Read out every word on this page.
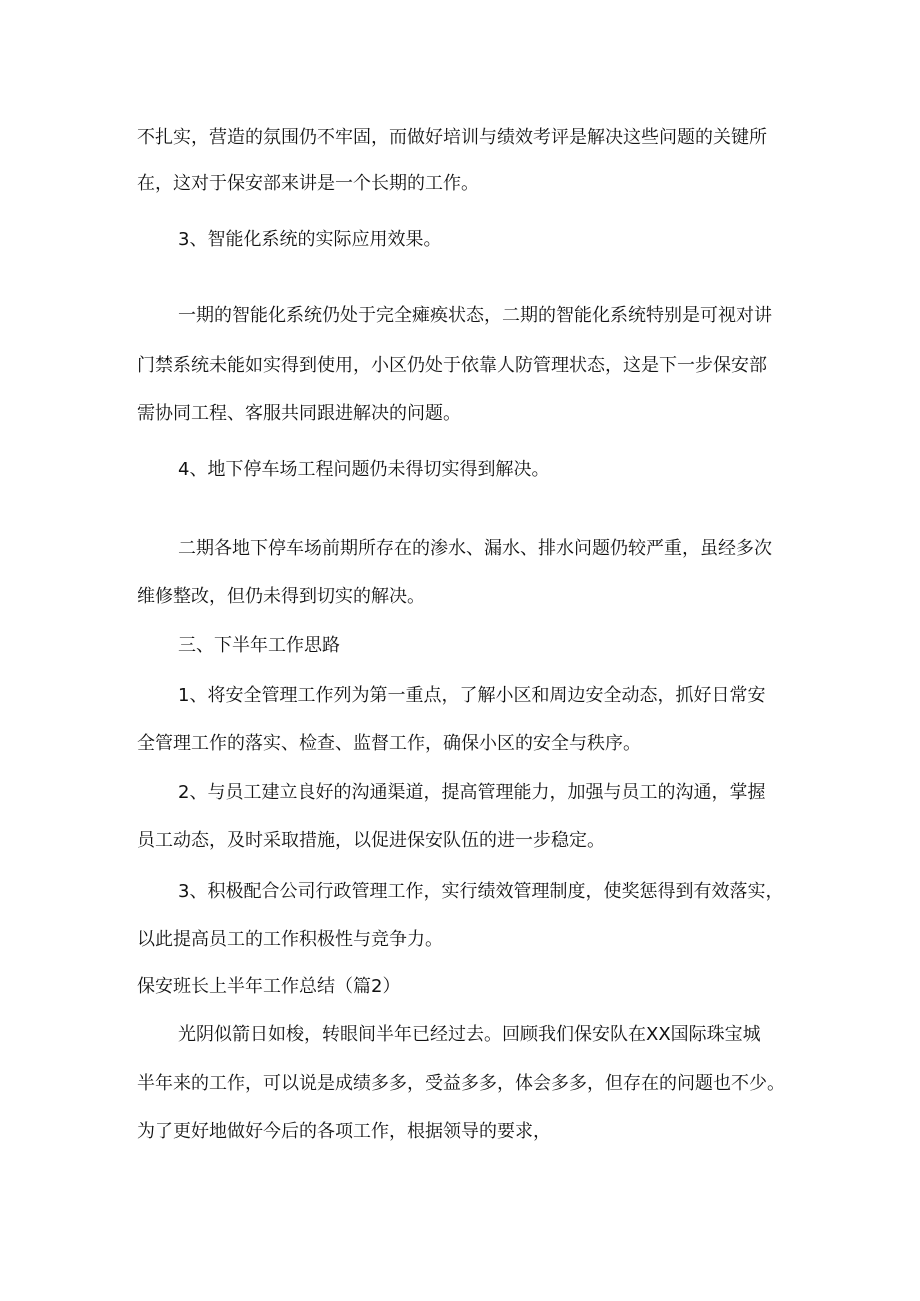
不扎实，营造的氛围仍不牢固，而做好培训与绩效考评是解决这些问题的关键所
在，这对于保安部来讲是一个长期的工作。
3、智能化系统的实际应用效果。
一期的智能化系统仍处于完全瘫痪状态，二期的智能化系统特别是可视对讲
门禁系统未能如实得到使用，小区仍处于依靠人防管理状态，这是下一步保安部
需协同工程、客服共同跟进解决的问题。
4、地下停车场工程问题仍未得切实得到解决。
二期各地下停车场前期所存在的渗水、漏水、排水问题仍较严重，虽经多次
维修整改，但仍未得到切实的解决。
三、下半年工作思路
1、将安全管理工作列为第一重点，了解小区和周边安全动态，抓好日常安
全管理工作的落实、检查、监督工作，确保小区的安全与秩序。
2、与员工建立良好的沟通渠道，提高管理能力，加强与员工的沟通，掌握
员工动态，及时采取措施，以促进保安队伍的进一步稳定。
3、积极配合公司行政管理工作，实行绩效管理制度，使奖惩得到有效落实，
以此提高员工的工作积极性与竞争力。
保安班长上半年工作总结（篇2）
光阴似箭日如梭，转眼间半年已经过去。回顾我们保安队在XX国际珠宝城
半年来的工作，可以说是成绩多多，受益多多，体会多多，但存在的问题也不少。
为了更好地做好今后的各项工作，根据领导的要求，
